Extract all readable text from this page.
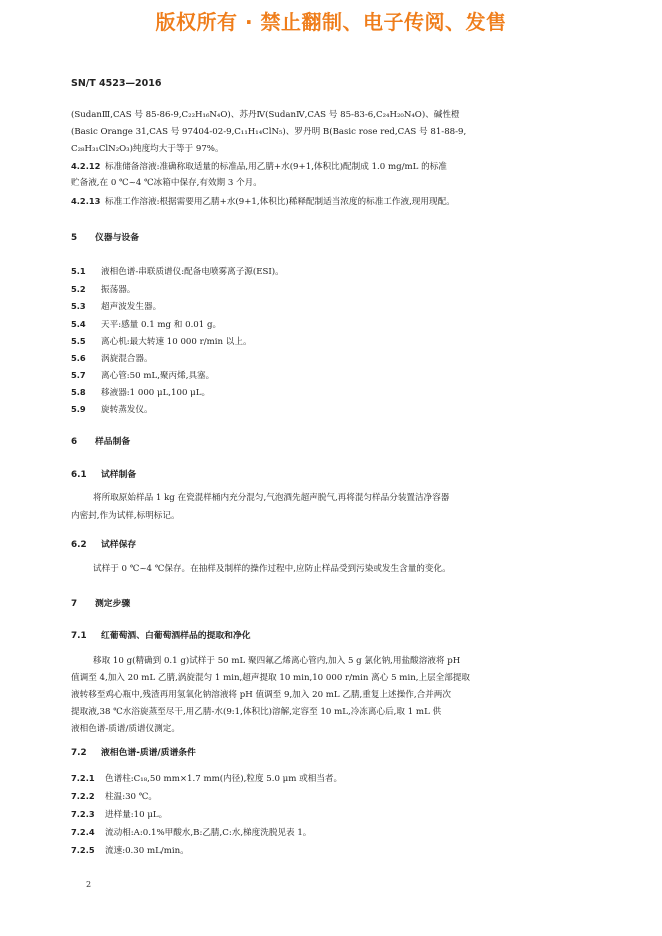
版权所有 · 禁止翻制、电子传阅、发售
SN/T 4523—2016
(SudanⅢ,CAS 号 85-86-9,C₂₂H₁₆N₄O)、苏丹Ⅳ(SudanⅣ,CAS 号 85-83-6,C₂₄H₂₀N₄O)、碱性橙
(Basic Orange 31,CAS 号 97404-02-9,C₁₁H₁₄ClN₅)、罗丹明 B(Basic rose red,CAS 号 81-88-9,
C₂₈H₃₁ClN₂O₃)纯度均大于等于 97%。
4.2.12 标准储备溶液:准确称取适量的标准品,用乙腈+水(9+1,体积比)配制成 1.0 mg/mL 的标准
贮备液,在 0 ℃~4 ℃冰箱中保存,有效期 3 个月。
4.2.13 标准工作溶液:根据需要用乙腈+水(9+1,体积比)稀释配制适当浓度的标准工作液,现用现配。
5 仪器与设备
5.1 液相色谱-串联质谱仪:配备电喷雾离子源(ESI)。
5.2 振荡器。
5.3 超声波发生器。
5.4 天平:感量 0.1 mg 和 0.01 g。
5.5 离心机:最大转速 10 000 r/min 以上。
5.6 涡旋混合器。
5.7 离心管:50 mL,聚丙烯,具塞。
5.8 移液器:1 000 μL,100 μL。
5.9 旋转蒸发仪。
6 样品制备
6.1 试样制备
将所取原始样品 1 kg 在瓷混样桶内充分混匀,气泡酒先超声脱气,再将混匀样品分装置洁净容器
内密封,作为试样,标明标记。
6.2 试样保存
试样于 0 ℃~4 ℃保存。在抽样及制样的操作过程中,应防止样品受到污染或发生含量的变化。
7 测定步骤
7.1 红葡萄酒、白葡萄酒样品的提取和净化
移取 10 g(精确到 0.1 g)试样于 50 mL 聚四氟乙烯离心管内,加入 5 g 氯化钠,用盐酸溶液将 pH
值调至 4,加入 20 mL 乙腈,涡旋混匀 1 min,超声提取 10 min,10 000 r/min 离心 5 min,上层全部提取
液转移至鸡心瓶中,残渣再用氢氧化钠溶液将 pH 值调至 9,加入 20 mL 乙腈,重复上述操作,合并两次
提取液,38 ℃水浴旋蒸至尽干,用乙腈-水(9:1,体积比)溶解,定容至 10 mL,冷冻离心后,取 1 mL 供
液相色谱-质谱/质谱仪测定。
7.2 液相色谱-质谱/质谱条件
7.2.1 色谱柱:C₁₈,50 mm×1.7 mm(内径),粒度 5.0 μm 或相当者。
7.2.2 柱温:30 ℃。
7.2.3 进样量:10 μL。
7.2.4 流动相:A:0.1%甲酸水,B:乙腈,C:水,梯度洗脱见表 1。
7.2.5 流速:0.30 mL/min。
2
